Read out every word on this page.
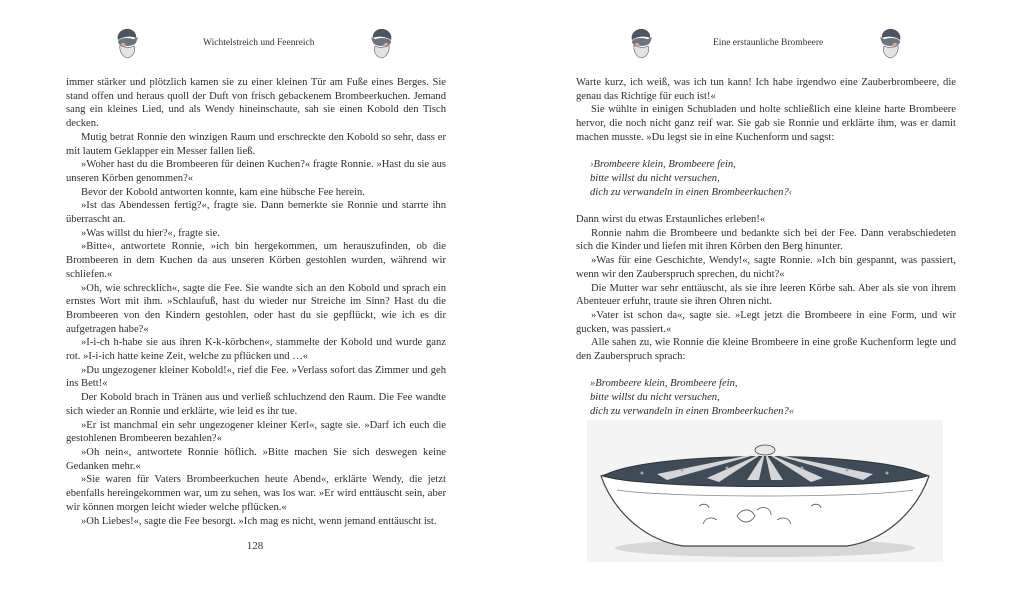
Wichtelstreich und Feenreich

immer stärker und plötzlich kamen sie zu einer kleinen Tür am Fuße eines Berges. Sie stand offen und heraus quoll der Duft von frisch gebackenem Brombeerkuchen. Jemand sang ein kleines Lied, und als Wendy hineinschaute, sah sie einen Kobold den Tisch decken.

Mutig betrat Ronnie den winzigen Raum und erschreckte den Kobold so sehr, dass er mit lautem Geklapper ein Messer fallen ließ.

»Woher hast du die Brombeeren für deinen Kuchen?« fragte Ronnie. »Hast du sie aus unseren Körben genommen?«

Bevor der Kobold antworten konnte, kam eine hübsche Fee herein.

»Ist das Abendessen fertig?«, fragte sie. Dann bemerkte sie Ronnie und starrte ihn überrascht an.

»Was willst du hier?«, fragte sie.

»Bitte«, antwortete Ronnie, »ich bin hergekommen, um herauszufinden, ob die Brombeeren in dem Kuchen da aus unseren Körben gestohlen wurden, während wir schliefen.«

»Oh, wie schrecklich«, sagte die Fee. Sie wandte sich an den Kobold und sprach ein ernstes Wort mit ihm. »Schlaufuß, hast du wieder nur Streiche im Sinn? Hast du die Brombeeren von den Kindern gestohlen, oder hast du sie gepflückt, wie ich es dir aufgetragen habe?«

»I-i-ch h-habe sie aus ihren K-k-körbchen«, stammelte der Kobold und wurde ganz rot. »I-i-ich hatte keine Zeit, welche zu pflücken und …«

»Du ungezogener kleiner Kobold!«, rief die Fee. »Verlass sofort das Zimmer und geh ins Bett!«

Der Kobold brach in Tränen aus und verließ schluchzend den Raum. Die Fee wandte sich wieder an Ronnie und erklärte, wie leid es ihr tue.

»Er ist manchmal ein sehr ungezogener kleiner Kerl«, sagte sie. »Darf ich euch die gestohlenen Brombeeren bezahlen?«

»Oh nein«, antwortete Ronnie höflich. »Bitte machen Sie sich deswegen keine Gedanken mehr.«

»Sie waren für Vaters Brombeerkuchen heute Abend«, erklärte Wendy, die jetzt ebenfalls hereingekommen war, um zu sehen, was los war. »Er wird enttäuscht sein, aber wir können morgen leicht wieder welche pflücken.«

»Oh Liebes!«, sagte die Fee besorgt. »Ich mag es nicht, wenn jemand enttäuscht ist.

128
Eine erstaunliche Brombeere

Warte kurz, ich weiß, was ich tun kann! Ich habe irgendwo eine Zauberbrombeere, die genau das Richtige für euch ist!«

Sie wühlte in einigen Schubladen und holte schließlich eine kleine harte Brombeere hervor, die noch nicht ganz reif war. Sie gab sie Ronnie und erklärte ihm, was er damit machen musste. »Du legst sie in eine Kuchenform und sagst:

›Brombeere klein, Brombeere fein,
bitte willst du nicht versuchen,
dich zu verwandeln in einen Brombeerkuchen?‹

Dann wirst du etwas Erstaunliches erleben!«

Ronnie nahm die Brombeere und bedankte sich bei der Fee. Dann verabschiedeten sich die Kinder und liefen mit ihren Körben den Berg hinunter.

»Was für eine Geschichte, Wendy!«, sagte Ronnie. »Ich bin gespannt, was passiert, wenn wir den Zauberspruch sprechen, du nicht?«

Die Mutter war sehr enttäuscht, als sie ihre leeren Körbe sah. Aber als sie von ihrem Abenteuer erfuhr, traute sie ihren Ohren nicht.

»Vater ist schon da«, sagte sie. »Legt jetzt die Brombeere in eine Form, und wir gucken, was passiert.«

Alle sahen zu, wie Ronnie die kleine Brombeere in eine große Kuchenform legte und den Zauberspruch sprach:

»Brombeere klein, Brombeere fein,
bitte willst du nicht versuchen,
dich zu verwandeln in einen Brombeerkuchen?«
